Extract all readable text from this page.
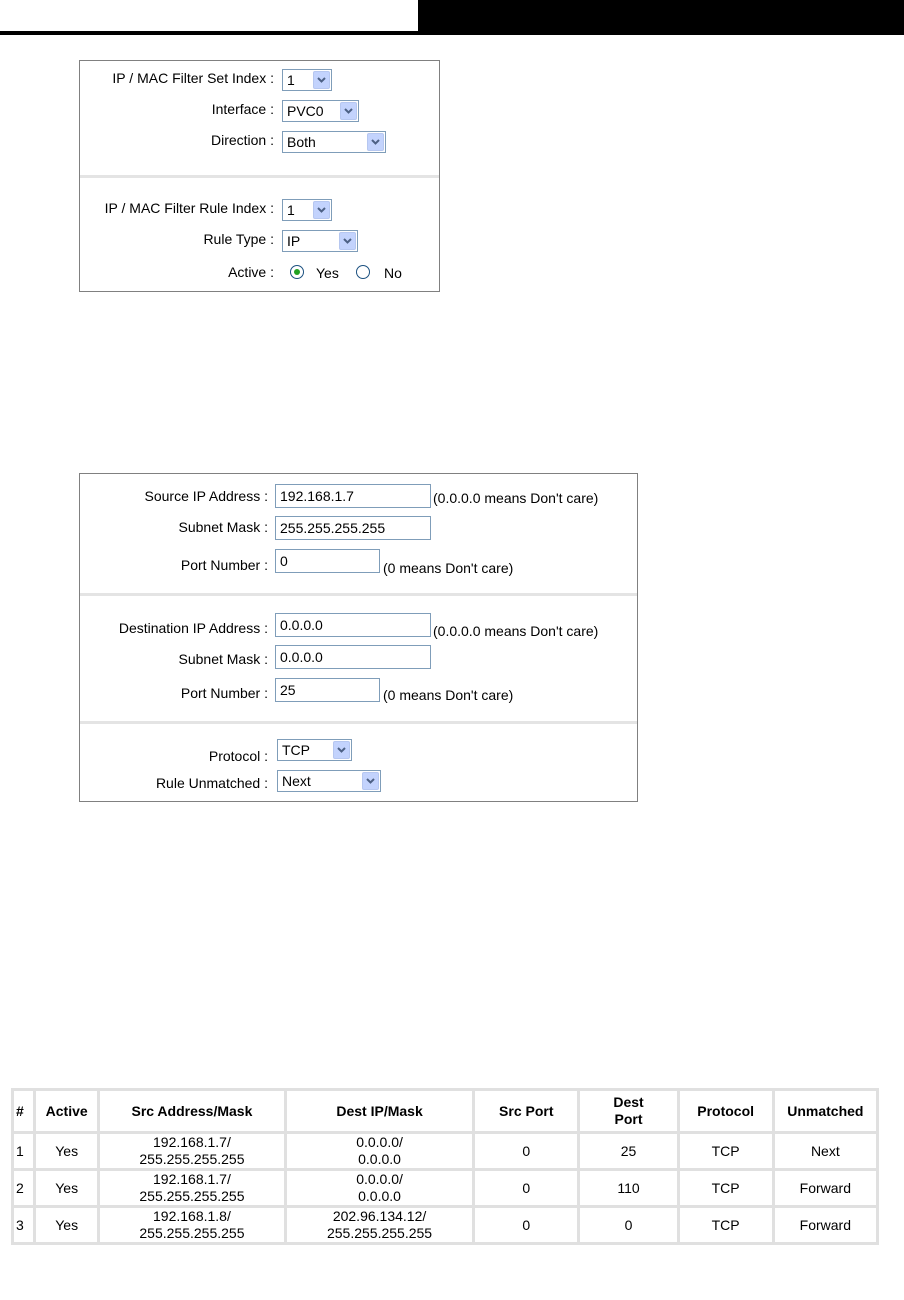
IP / MAC Filter Set Index : 1
Interface : PVC0
Direction : Both
IP / MAC Filter Rule Index : 1
Rule Type : IP
Active :	Yes	No
Source IP Address : 192.168.1.7	(0.0.0.0 means Don't care)
Subnet Mask : 255.255.255.255
Port Number : 0	(0 means Don't care)
Destination IP Address : 0.0.0.0	(0.0.0.0 means Don't care)
Subnet Mask : 0.0.0.0
Port Number : 25	(0 means Don't care)
Protocol : TCP
Rule Unmatched : Next
#	Active	Src Address/Mask	Dest IP/Mask	Src Port	Dest Port	Protocol	Unmatched
1	Yes	192.168.1.7/
255.255.255.255	0.0.0.0/
0.0.0.0	0	25	TCP	Next
2	Yes	192.168.1.7/
255.255.255.255	0.0.0.0/
0.0.0.0	0	110	TCP	Forward
3	Yes	192.168.1.8/
255.255.255.255	202.96.134.12/
255.255.255.255	0	0	TCP	Forward
